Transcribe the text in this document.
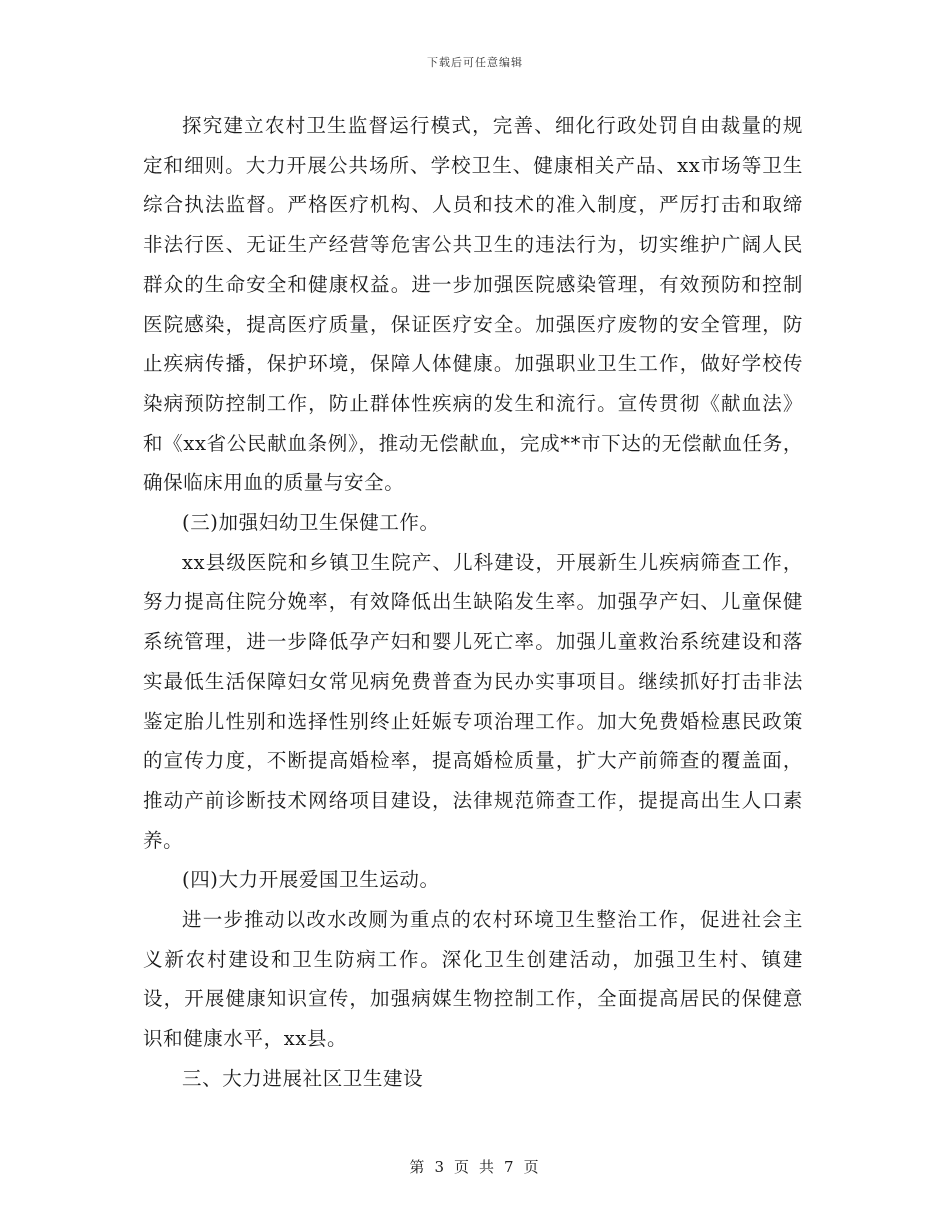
下载后可任意编辑

探究建立农村卫生监督运行模式，完善、细化行政处罚自由裁量的规定和细则。大力开展公共场所、学校卫生、健康相关产品、xx市场等卫生综合执法监督。严格医疗机构、人员和技术的准入制度，严厉打击和取缔非法行医、无证生产经营等危害公共卫生的违法行为，切实维护广阔人民群众的生命安全和健康权益。进一步加强医院感染管理，有效预防和控制医院感染，提高医疗质量，保证医疗安全。加强医疗废物的安全管理，防止疾病传播，保护环境，保障人体健康。加强职业卫生工作，做好学校传染病预防控制工作，防止群体性疾病的发生和流行。宣传贯彻《献血法》和《xx省公民献血条例》，推动无偿献血，完成**市下达的无偿献血任务，确保临床用血的质量与安全。

(三)加强妇幼卫生保健工作。

xx县级医院和乡镇卫生院产、儿科建设，开展新生儿疾病筛查工作，努力提高住院分娩率，有效降低出生缺陷发生率。加强孕产妇、儿童保健系统管理，进一步降低孕产妇和婴儿死亡率。加强儿童救治系统建设和落实最低生活保障妇女常见病免费普查为民办实事项目。继续抓好打击非法鉴定胎儿性别和选择性别终止妊娠专项治理工作。加大免费婚检惠民政策的宣传力度，不断提高婚检率，提高婚检质量，扩大产前筛查的覆盖面，推动产前诊断技术网络项目建设，法律规范筛查工作，提提高出生人口素养。

(四)大力开展爱国卫生运动。

进一步推动以改水改厕为重点的农村环境卫生整治工作，促进社会主义新农村建设和卫生防病工作。深化卫生创建活动，加强卫生村、镇建设，开展健康知识宣传，加强病媒生物控制工作，全面提高居民的保健意识和健康水平，xx县。

三、大力进展社区卫生建设

第 3 页 共 7 页
